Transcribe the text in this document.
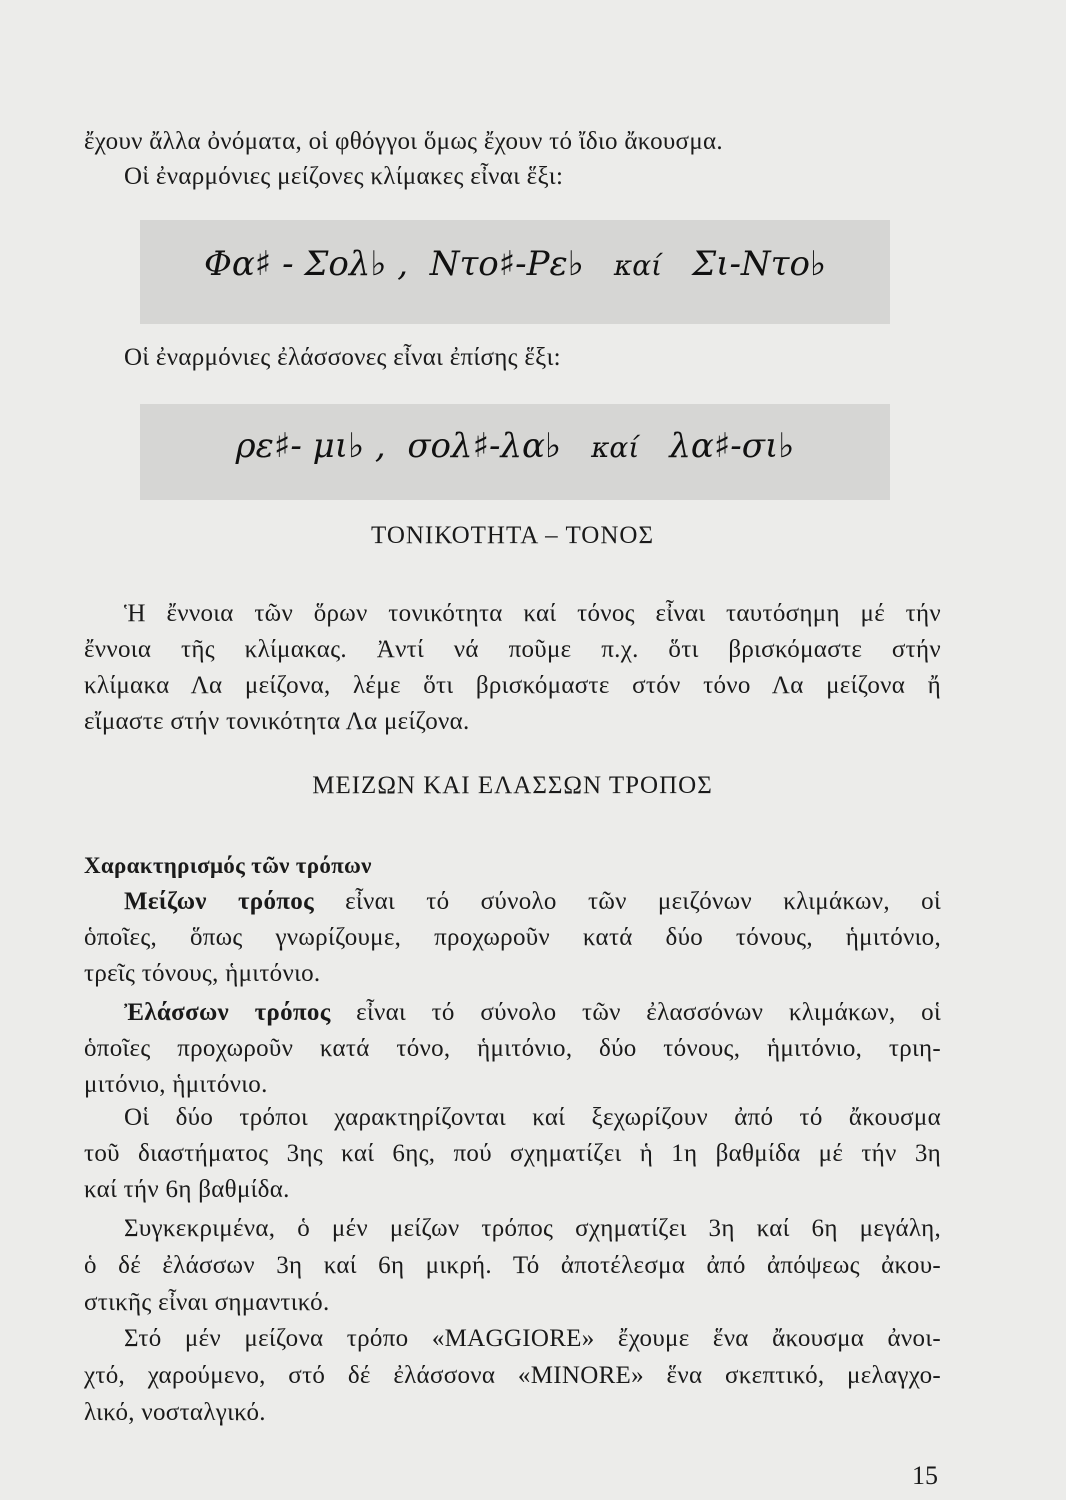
ἔχουν ἄλλα ὀνόματα, οἱ φθόγγοι ὅμως ἔχουν τό ἴδιο ἄκουσμα.
Οἱ ἐναρμόνιες μείζονες κλίμακες εἶναι ἕξι:
Φα♯ - Σολ♭ , Ντο♯-Ρε♭	καί Σι-Ντο♭
Οἱ ἐναρμόνιες ἐλάσσονες εἶναι ἐπίσης ἕξι:
ρε♯- μι♭ , σολ♯-λα♭	καί λα♯-σι♭
ΤΟΝΙΚΟΤΗΤΑ – ΤΟΝΟΣ
Ἡ ἔννοια τῶν ὅρων τονικότητα καί τόνος εἶναι ταυτόσημη μέ τήν
ἔννοια τῆς κλίμακας. Ἀντί νά ποῦμε π.χ. ὅτι βρισκόμαστε στήν
κλίμακα Λα μείζονα, λέμε ὅτι βρισκόμαστε στόν τόνο Λα μείζονα ἤ
εἴμαστε στήν τονικότητα Λα μείζονα.
ΜΕΙΖΩΝ ΚΑΙ ΕΛΑΣΣΩΝ ΤΡΟΠΟΣ
Χαρακτηρισμός τῶν τρόπων
Μείζων τρόπος εἶναι τό σύνολο τῶν μειζόνων κλιμάκων, οἱ
ὁποῖες, ὅπως γνωρίζουμε, προχωροῦν κατά δύο τόνους, ἡμιτόνιο,
τρεῖς τόνους, ἡμιτόνιο.
Ἐλάσσων τρόπος εἶναι τό σύνολο τῶν ἐλασσόνων κλιμάκων, οἱ
ὁποῖες προχωροῦν κατά τόνο, ἡμιτόνιο, δύο τόνους, ἡμιτόνιο, τριη-
μιτόνιο, ἡμιτόνιο.
Οἱ δύο τρόποι χαρακτηρίζονται καί ξεχωρίζουν ἀπό τό ἄκουσμα
τοῦ διαστήματος 3ης καί 6ης, πού σχηματίζει ἡ 1η βαθμίδα μέ τήν 3η
καί τήν 6η βαθμίδα.
Συγκεκριμένα, ὁ μέν μείζων τρόπος σχηματίζει 3η καί 6η μεγάλη,
ὁ δέ ἐλάσσων 3η καί 6η μικρή. Τό ἀποτέλεσμα ἀπό ἀπόψεως ἀκου-
στικῆς εἶναι σημαντικό.
Στό μέν μείζονα τρόπο «MAGGIORE» ἔχουμε ἕνα ἄκουσμα ἀνοι-
χτό, χαρούμενο, στό δέ ἐλάσσονα «MINORE» ἕνα σκεπτικό, μελαγχο-
λικό, νοσταλγικό.
15
